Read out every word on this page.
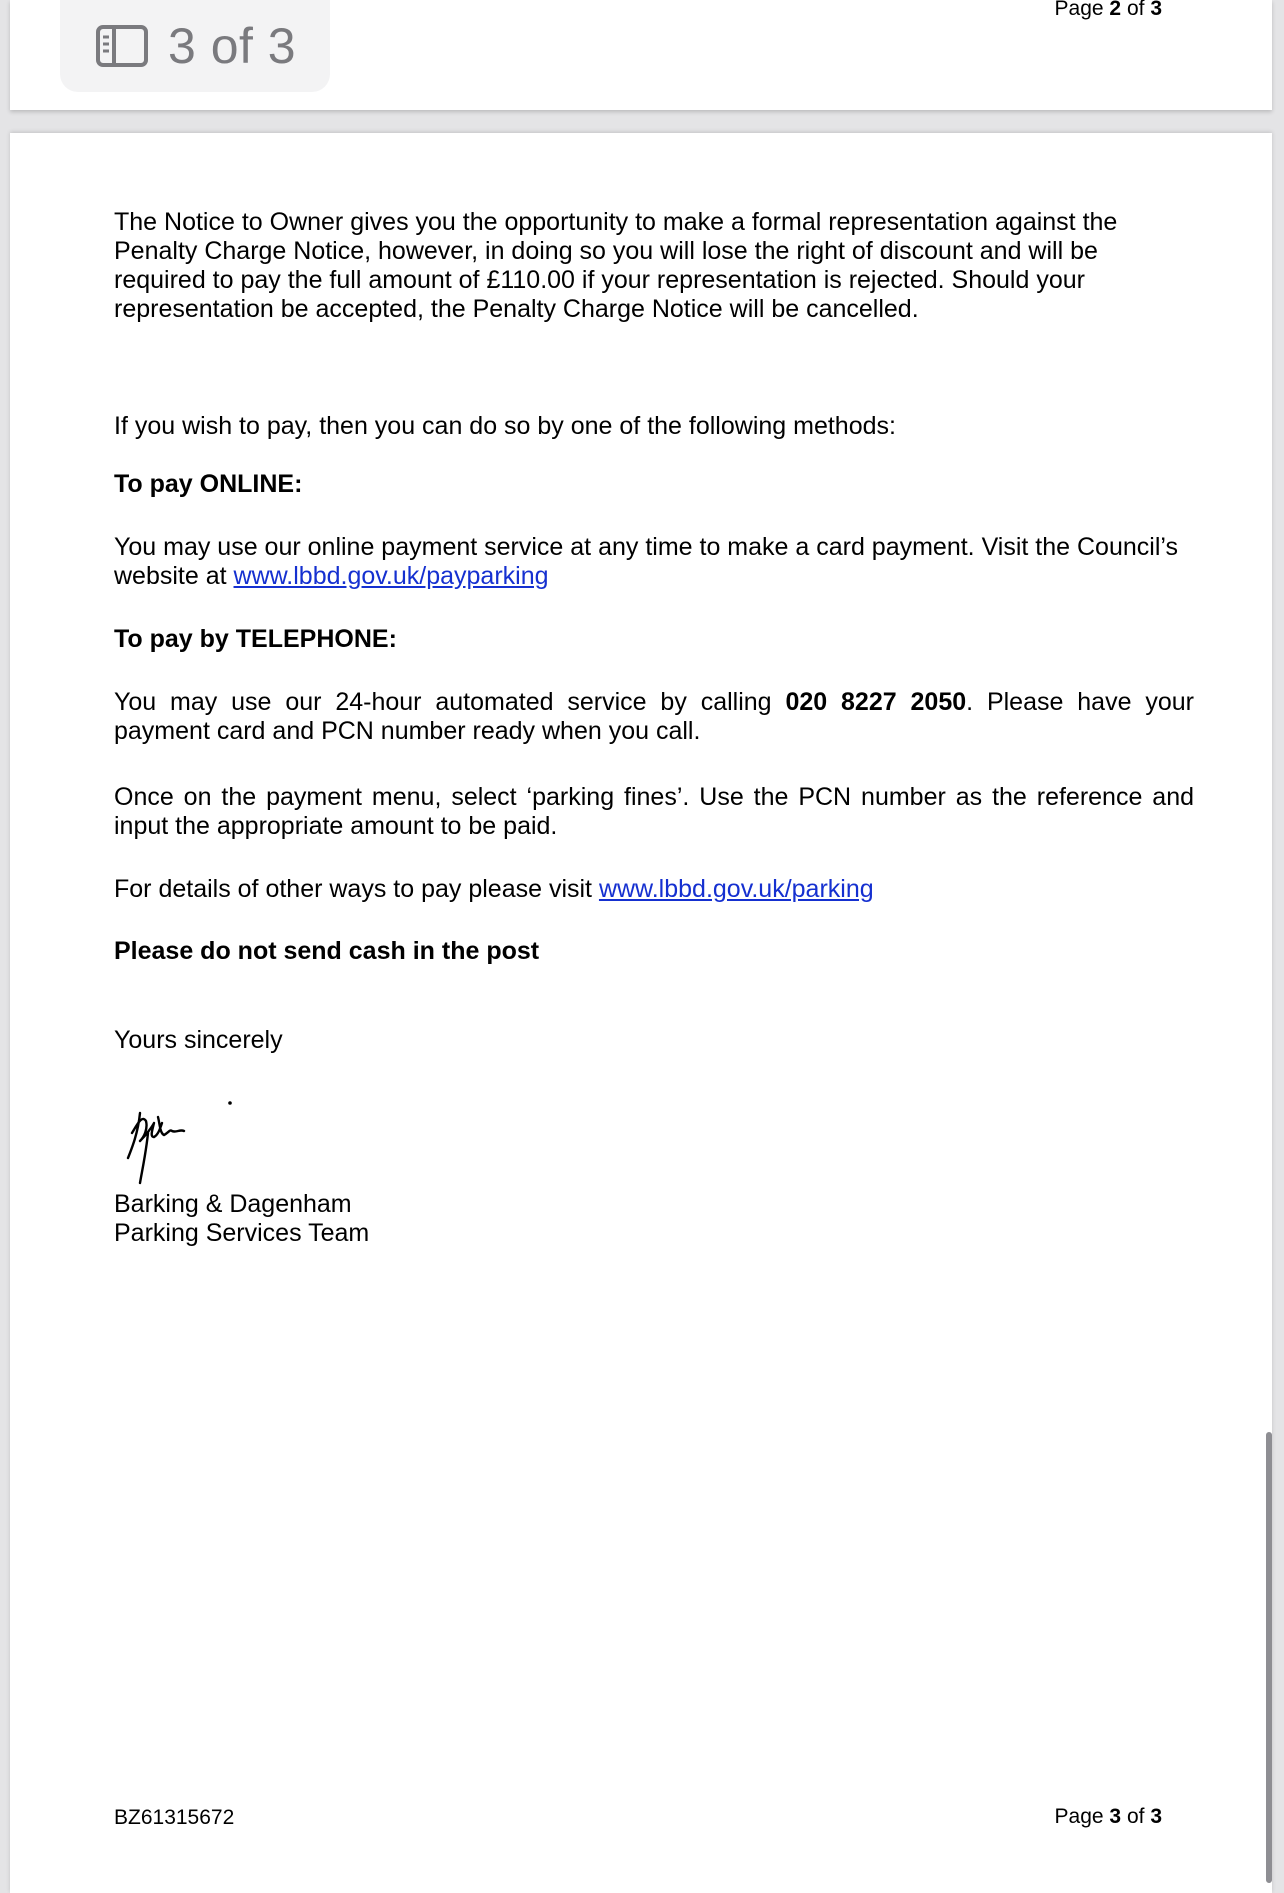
Page 2 of 3
3 of 3

The Notice to Owner gives you the opportunity to make a formal representation against the Penalty Charge Notice, however, in doing so you will lose the right of discount and will be required to pay the full amount of £110.00 if your representation is rejected. Should your representation be accepted, the Penalty Charge Notice will be cancelled.

If you wish to pay, then you can do so by one of the following methods:

To pay ONLINE:

You may use our online payment service at any time to make a card payment. Visit the Council’s website at www.lbbd.gov.uk/payparking

To pay by TELEPHONE:

You may use our 24-hour automated service by calling 020 8227 2050. Please have your payment card and PCN number ready when you call.

Once on the payment menu, select ‘parking fines’. Use the PCN number as the reference and input the appropriate amount to be paid.

For details of other ways to pay please visit www.lbbd.gov.uk/parking

Please do not send cash in the post

Yours sincerely

Barking & Dagenham

Parking Services Team

BZ61315672	Page 3 of 3
